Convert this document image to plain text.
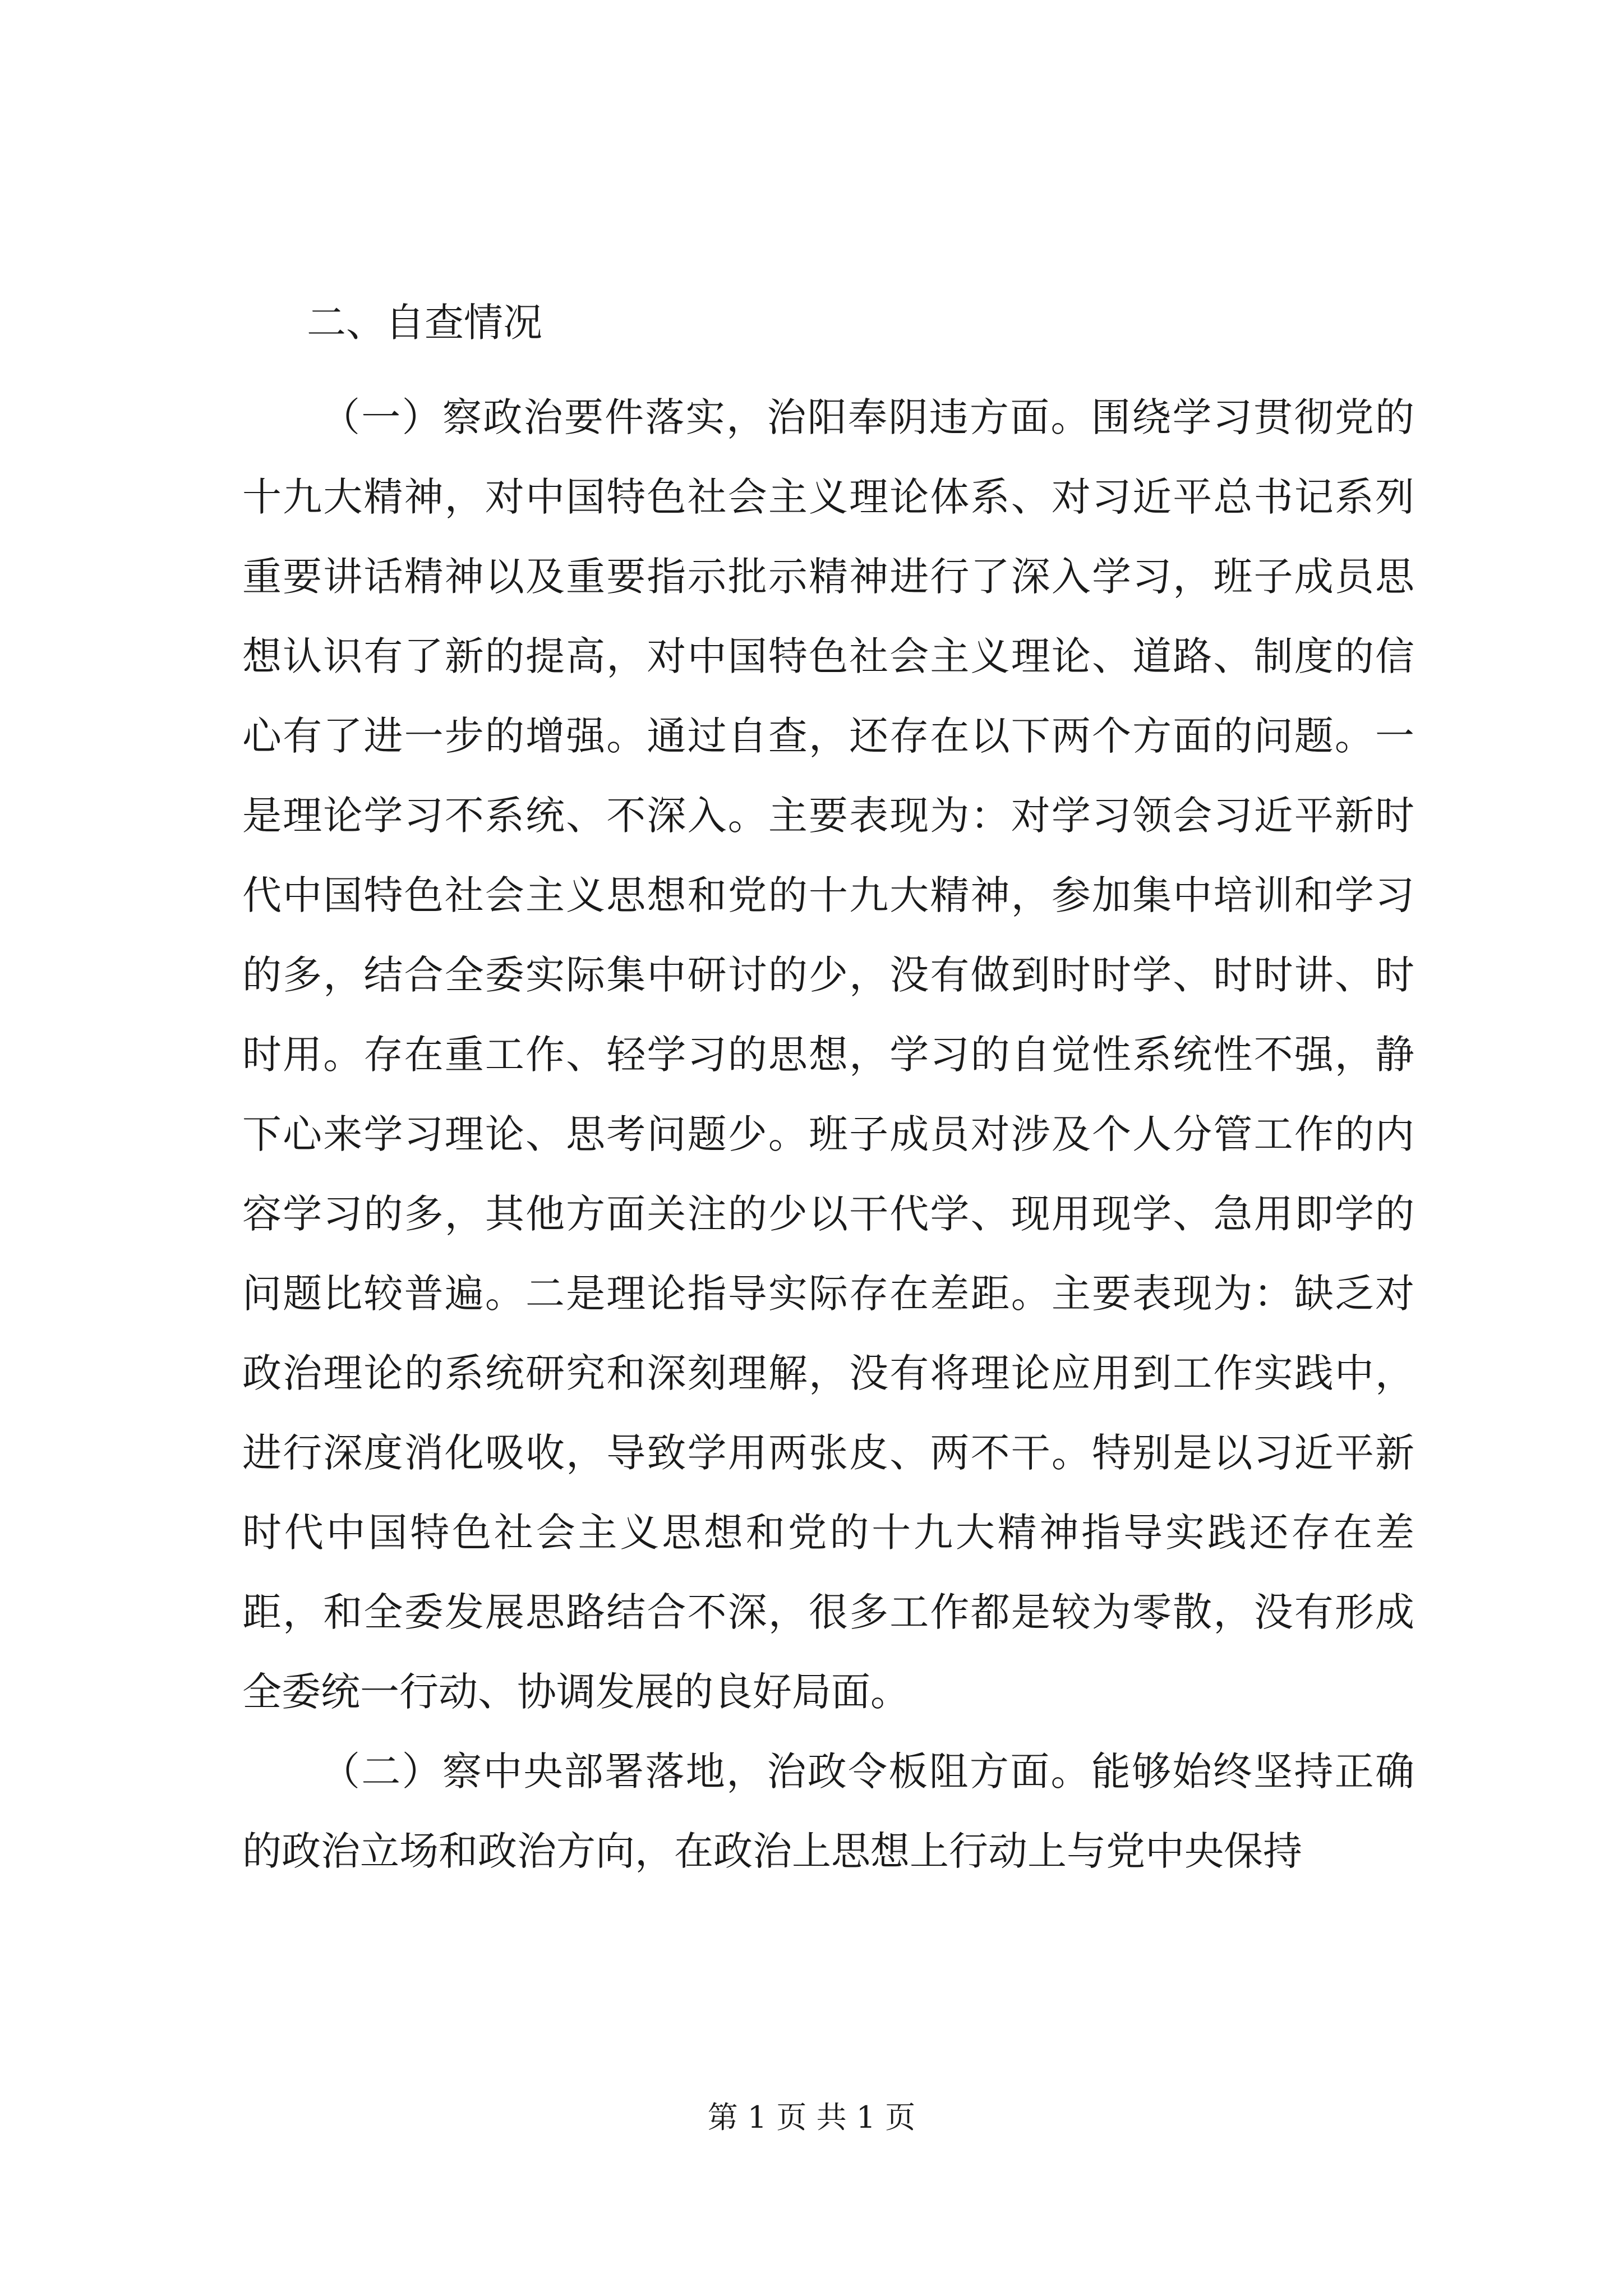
二、自查情况

（一）察政治要件落实，治阳奉阴违方面。围绕学习贯彻党的十九大精神，对中国特色社会主义理论体系、对习近平总书记系列重要讲话精神以及重要指示批示精神进行了深入学习，班子成员思想认识有了新的提高，对中国特色社会主义理论、道路、制度的信心有了进一步的增强。通过自查，还存在以下两个方面的问题。一是理论学习不系统、不深入。主要表现为：对学习领会习近平新时代中国特色社会主义思想和党的十九大精神，参加集中培训和学习的多，结合全委实际集中研讨的少，没有做到时时学、时时讲、时时用。存在重工作、轻学习的思想，学习的自觉性系统性不强，静下心来学习理论、思考问题少。班子成员对涉及个人分管工作的内容学习的多，其他方面关注的少以干代学、现用现学、急用即学的问题比较普遍。二是理论指导实际存在差距。主要表现为：缺乏对政治理论的系统研究和深刻理解，没有将理论应用到工作实践中，进行深度消化吸收，导致学用两张皮、两不干。特别是以习近平新时代中国特色社会主义思想和党的十九大精神指导实践还存在差距，和全委发展思路结合不深，很多工作都是较为零散，没有形成全委统一行动、协调发展的良好局面。

（二）察中央部署落地，治政令板阻方面。能够始终坚持正确的政治立场和政治方向，在政治上思想上行动上与党中央保持

第 1 页 共 1 页
